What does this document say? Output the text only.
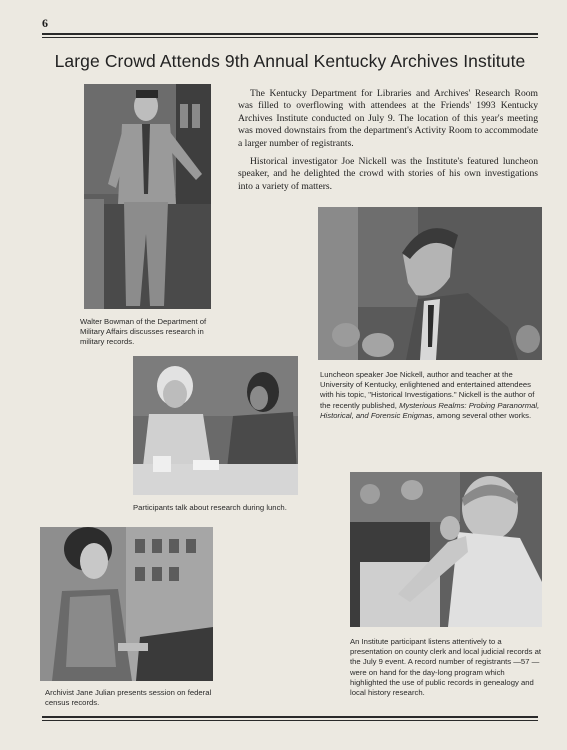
6
Large Crowd Attends 9th Annual Kentucky Archives Institute

The Kentucky Department for Libraries and Archives' Research Room was filled to overflowing with attendees at the Friends' 1993 Kentucky Archives Institute conducted on July 9. The location of this year's meeting was moved downstairs from the department's Activity Room to accommodate a larger number of registrants.

Historical investigator Joe Nickell was the Institute's featured luncheon speaker, and he delighted the crowd with stories of his own investigations into a variety of matters.

Walter Bowman of the Department of Military Affairs discusses research in military records.

Luncheon speaker Joe Nickell, author and teacher at the University of Kentucky, enlightened and entertained attendees with his topic, "Historical Investigations." Nickell is the author of the recently published, Mysterious Realms: Probing Paranormal, Historical, and Forensic Enigmas, among several other works.

Participants talk about research during lunch.

An Institute participant listens attentively to a presentation on county clerk and local judicial records at the July 9 event. A record number of registrants —57 — were on hand for the day-long program which highlighted the use of public records in genealogy and local history research.

Archivist Jane Julian presents session on federal census records.
